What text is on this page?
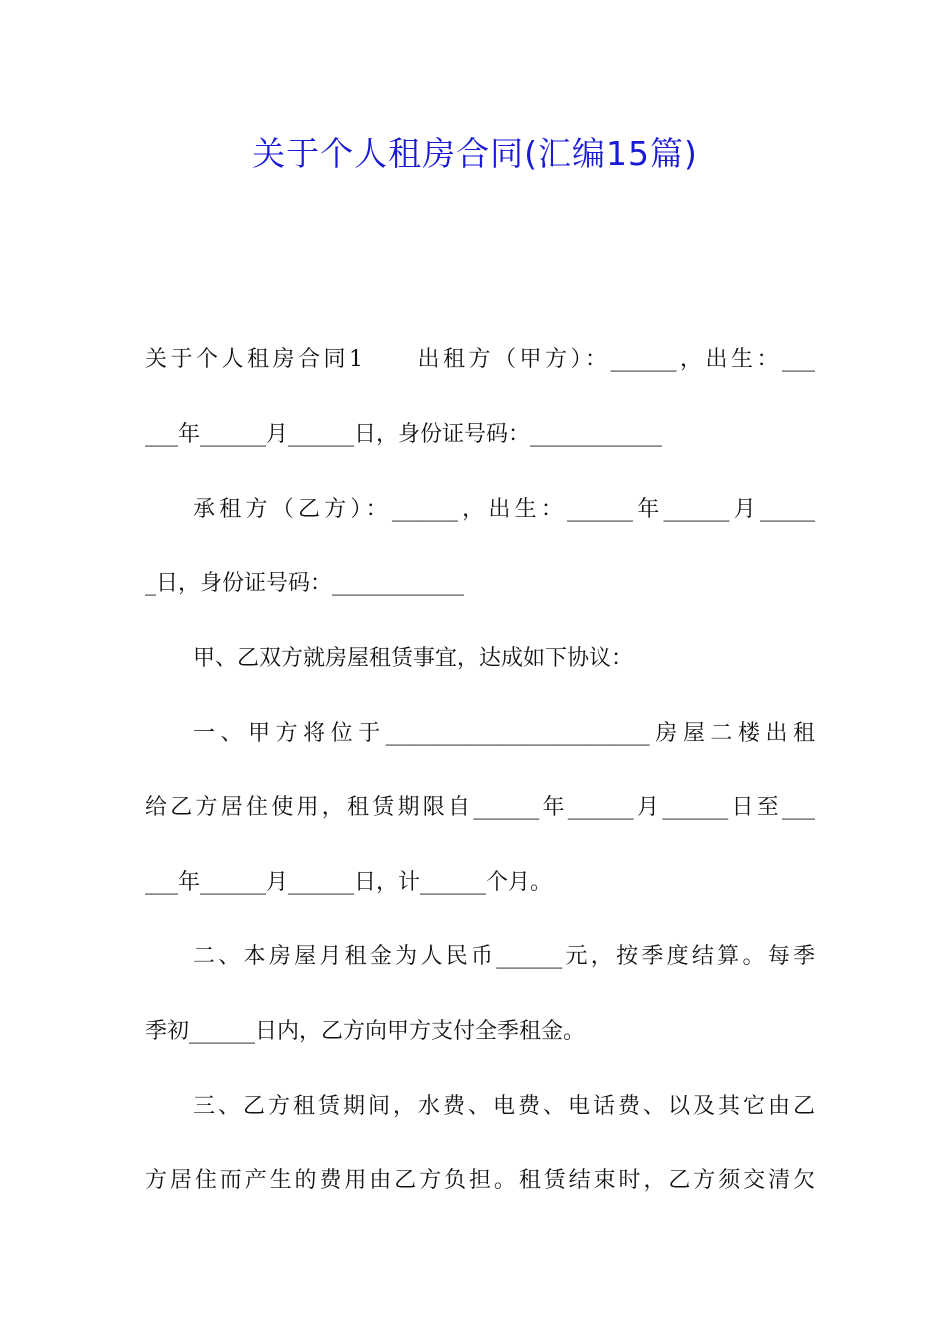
关于个人租房合同(汇编15篇)
关于个人租房合同1　　出租方（甲方）：______，出生：___
___年______月______日，身份证号码：____________
承租方（乙方）：______，出生：______年______月_____
_日，身份证号码：____________
甲、乙双方就房屋租赁事宜，达成如下协议：
一、甲方将位于________________________房屋二楼出租
给乙方居住使用，租赁期限自______年______月______日至___
___年______月______日，计______个月。
二、本房屋月租金为人民币______元，按季度结算。每季
季初______日内，乙方向甲方支付全季租金。
三、乙方租赁期间，水费、电费、电话费、以及其它由乙
方居住而产生的费用由乙方负担。租赁结束时，乙方须交清欠
